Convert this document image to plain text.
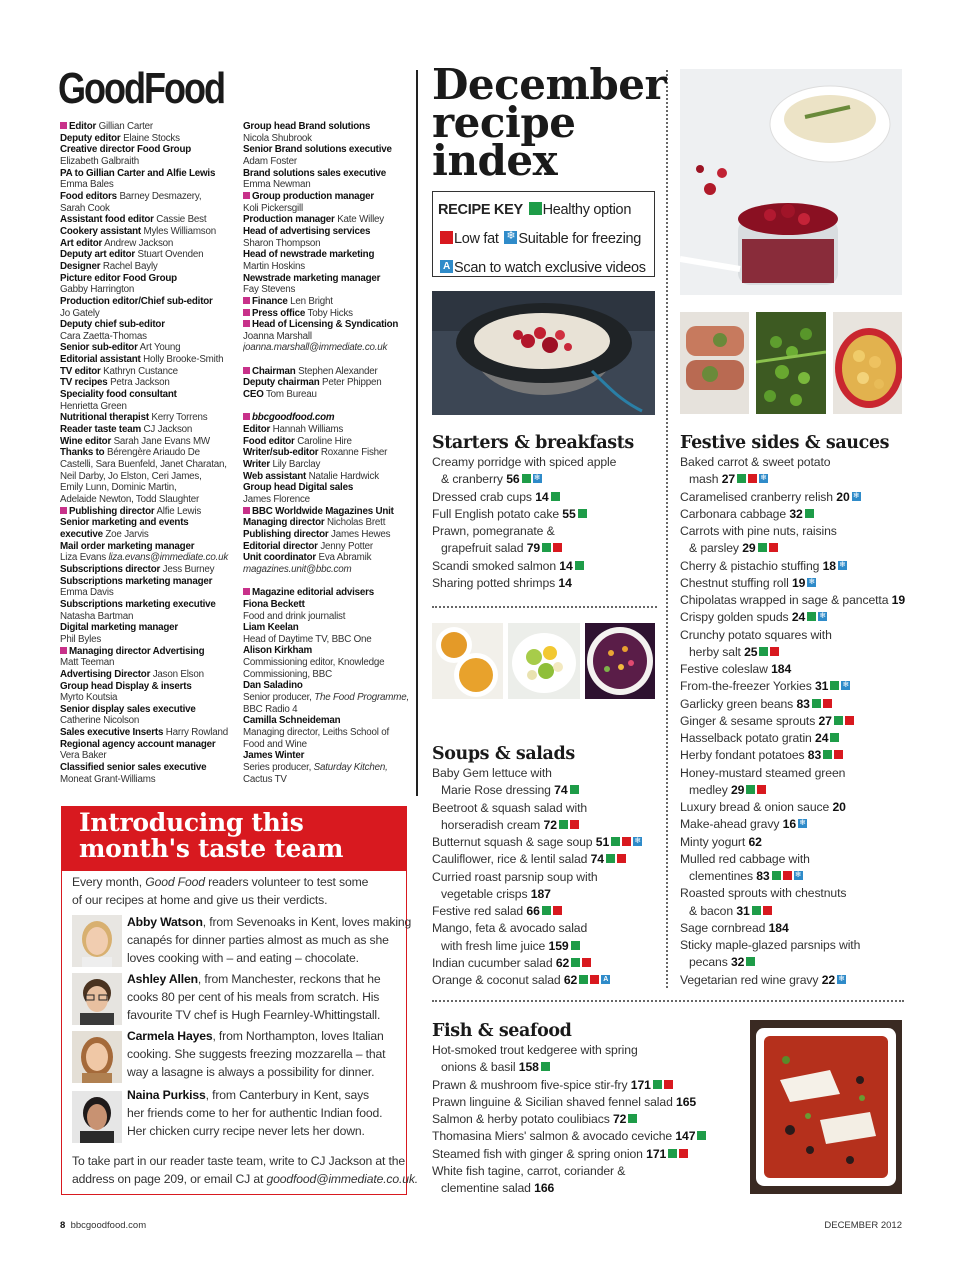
GoodFood
Editor Gillian Carter
Deputy editor Elaine Stocks
Creative director Food Group
Elizabeth Galbraith
PA to Gillian Carter and Alfie Lewis
Emma Bales
Food editors Barney Desmazery,
Sarah Cook
Assistant food editor Cassie Best
Cookery assistant Myles Williamson
Art editor Andrew Jackson
Deputy art editor Stuart Ovenden
Designer Rachel Bayly
Picture editor Food Group
Gabby Harrington
Production editor/Chief sub-editor
Jo Gately
Deputy chief sub-editor
Cara Zaetta-Thomas
Senior sub-editor Art Young
Editorial assistant Holly Brooke-Smith
TV editor Kathryn Custance
TV recipes Petra Jackson
Speciality food consultant
Henrietta Green
Nutritional therapist Kerry Torrens
Reader taste team CJ Jackson
Wine editor Sarah Jane Evans MW
Thanks to Bérengère Ariaudo De
Castelli, Sara Buenfeld, Janet Charatan,
Neil Darby, Jo Elston, Ceri James,
Emily Lunn, Dominic Martin,
Adelaide Newton, Todd Slaughter
Publishing director Alfie Lewis
Senior marketing and events
executive Zoe Jarvis
Mail order marketing manager
Liza Evans liza.evans@immediate.co.uk
Subscriptions director Jess Burney
Subscriptions marketing manager
Emma Davis
Subscriptions marketing executive
Natasha Bartman
Digital marketing manager
Phil Byles
Managing director Advertising
Matt Teeman
Advertising Director Jason Elson
Group head Display & inserts
Myrto Koutsia
Senior display sales executive
Catherine Nicolson
Sales executive Inserts Harry Rowland
Regional agency account manager
Vera Baker
Classified senior sales executive
Moneat Grant-Williams
Group head Brand solutions
Nicola Shubrook
Senior Brand solutions executive
Adam Foster
Brand solutions sales executive
Emma Newman
Group production manager
Koli Pickersgill
Production manager Kate Willey
Head of advertising services
Sharon Thompson
Head of newstrade marketing
Martin Hoskins
Newstrade marketing manager
Fay Stevens
Finance Len Bright
Press office Toby Hicks
Head of Licensing & Syndication
Joanna Marshall
joanna.marshall@immediate.co.uk
Chairman Stephen Alexander
Deputy chairman Peter Phippen
CEO Tom Bureau
bbcgoodfood.com
Editor Hannah Williams
Food editor Caroline Hire
Writer/sub-editor Roxanne Fisher
Writer Lily Barclay
Web assistant Natalie Hardwick
Group head Digital sales
James Florence
BBC Worldwide Magazines Unit
Managing director Nicholas Brett
Publishing director James Hewes
Editorial director Jenny Potter
Unit coordinator Eva Abramik
magazines.unit@bbc.com
Magazine editorial advisers
Fiona Beckett
Food and drink journalist
Liam Keelan
Head of Daytime TV, BBC One
Alison Kirkham
Commissioning editor, Knowledge
Commissioning, BBC
Dan Saladino
Senior producer, The Food Programme,
BBC Radio 4
Camilla Schneideman
Managing director, Leiths School of
Food and Wine
James Winter
Series producer, Saturday Kitchen,
Cactus TV
December
recipe
index
RECIPE KEY Healthy option
Low fat ❄ Suitable for freezing
AScan to watch exclusive videos
Starters & breakfasts	Festive sides & sauces
Soups & salads
Fish & seafood
Creamy porridge with spiced apple
& cranberry 56❄
Dressed crab cups 14
Full English potato cake 55
Prawn, pomegranate &
grapefruit salad 79
Scandi smoked salmon 14
Sharing potted shrimps 14
Baked carrot & sweet potato
mash 27❄
Caramelised cranberry relish 20❄
Carbonara cabbage 32
Carrots with pine nuts, raisins
& parsley 29
Cherry & pistachio stuffing 18❄
Chestnut stuffing roll 19❄
Chipolatas wrapped in sage & pancetta 19
Crispy golden spuds 24❄
Crunchy potato squares with
herby salt 25
Festive coleslaw 184
From-the-freezer Yorkies 31❄
Garlicky green beans 83
Ginger & sesame sprouts 27
Hasselback potato gratin 24
Herby fondant potatoes 83
Honey-mustard steamed green
medley 29
Luxury bread & onion sauce 20
Make-ahead gravy 16❄
Minty yogurt 62
Mulled red cabbage with
clementines 83❄
Roasted sprouts with chestnuts
& bacon 31
Sage cornbread 184
Sticky maple-glazed parsnips with
pecans 32
Vegetarian red wine gravy 22❄
Baby Gem lettuce with
Marie Rose dressing 74
Beetroot & squash salad with
horseradish cream 72
Butternut squash & sage soup 51❄
Cauliflower, rice & lentil salad 74
Curried roast parsnip soup with
vegetable crisps 187
Festive red salad 66
Mango, feta & avocado salad
with fresh lime juice 159
Indian cucumber salad 62
Orange & coconut salad 62A
Hot-smoked trout kedgeree with spring
onions & basil 158
Prawn & mushroom five-spice stir-fry 171
Prawn linguine & Sicilian shaved fennel salad 165
Salmon & herby potato coulibiacs 72
Thomasina Miers' salmon & avocado ceviche 147
Steamed fish with ginger & spring onion 171
White fish tagine, carrot, coriander &
clementine salad 166
Introducing this
month's taste team
Every month, Good Food readers volunteer to test some
of our recipes at home and give us their verdicts.
Abby Watson, from Sevenoaks in Kent, loves making
canapés for dinner parties almost as much as she
loves cooking with – and eating – chocolate.
Ashley Allen, from Manchester, reckons that he
cooks 80 per cent of his meals from scratch. His
favourite TV chef is Hugh Fearnley-Whittingstall.
Carmela Hayes, from Northampton, loves Italian
cooking. She suggests freezing mozzarella – that
way a lasagne is always a possibility for dinner.
Naina Purkiss, from Canterbury in Kent, says
her friends come to her for authentic Indian food.
Her chicken curry recipe never lets her down.
To take part in our reader taste team, write to CJ Jackson at the
address on page 209, or email CJ at goodfood@immediate.co.uk.
8 bbcgoodfood.com	DECEMBER 2012
